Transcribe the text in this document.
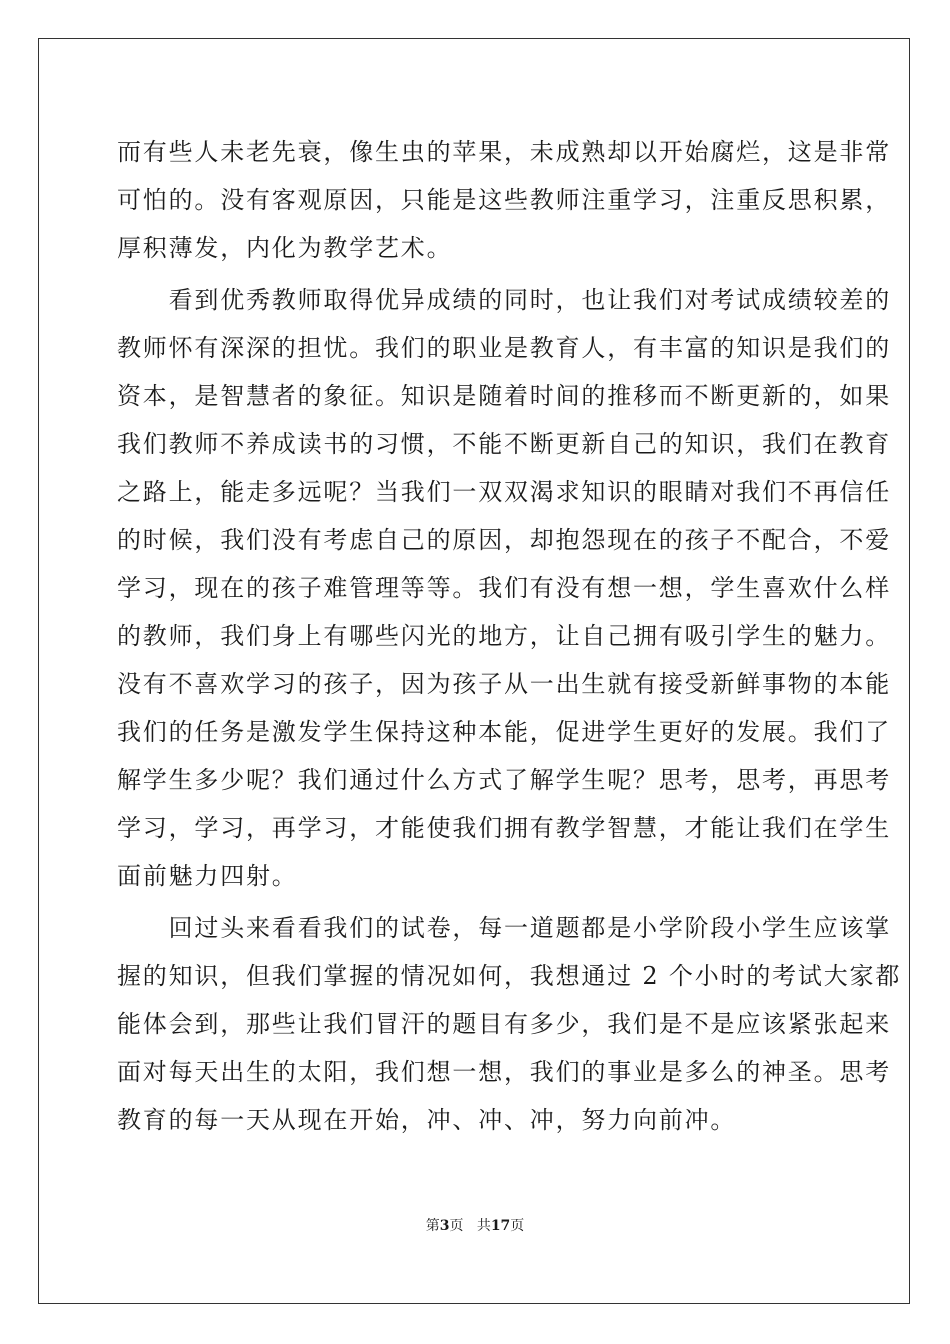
而有些人未老先衰，像生虫的苹果，未成熟却以开始腐烂，这是非常
可怕的。没有客观原因，只能是这些教师注重学习，注重反思积累，
厚积薄发，内化为教学艺术。
　　看到优秀教师取得优异成绩的同时，也让我们对考试成绩较差的
教师怀有深深的担忧。我们的职业是教育人，有丰富的知识是我们的
资本，是智慧者的象征。知识是随着时间的推移而不断更新的，如果
我们教师不养成读书的习惯，不能不断更新自己的知识，我们在教育
之路上，能走多远呢？当我们一双双渴求知识的眼睛对我们不再信任
的时候，我们没有考虑自己的原因，却抱怨现在的孩子不配合，不爱
学习，现在的孩子难管理等等。我们有没有想一想，学生喜欢什么样
的教师，我们身上有哪些闪光的地方，让自己拥有吸引学生的魅力。
没有不喜欢学习的孩子，因为孩子从一出生就有接受新鲜事物的本能
我们的任务是激发学生保持这种本能，促进学生更好的发展。我们了
解学生多少呢？我们通过什么方式了解学生呢？思考，思考，再思考
学习，学习，再学习，才能使我们拥有教学智慧，才能让我们在学生
面前魅力四射。
　　回过头来看看我们的试卷，每一道题都是小学阶段小学生应该掌
握的知识，但我们掌握的情况如何，我想通过 2 个小时的考试大家都
能体会到，那些让我们冒汗的题目有多少，我们是不是应该紧张起来
面对每天出生的太阳，我们想一想，我们的事业是多么的神圣。思考
教育的每一天从现在开始，冲、冲、冲，努力向前冲。
第3页 共17页
